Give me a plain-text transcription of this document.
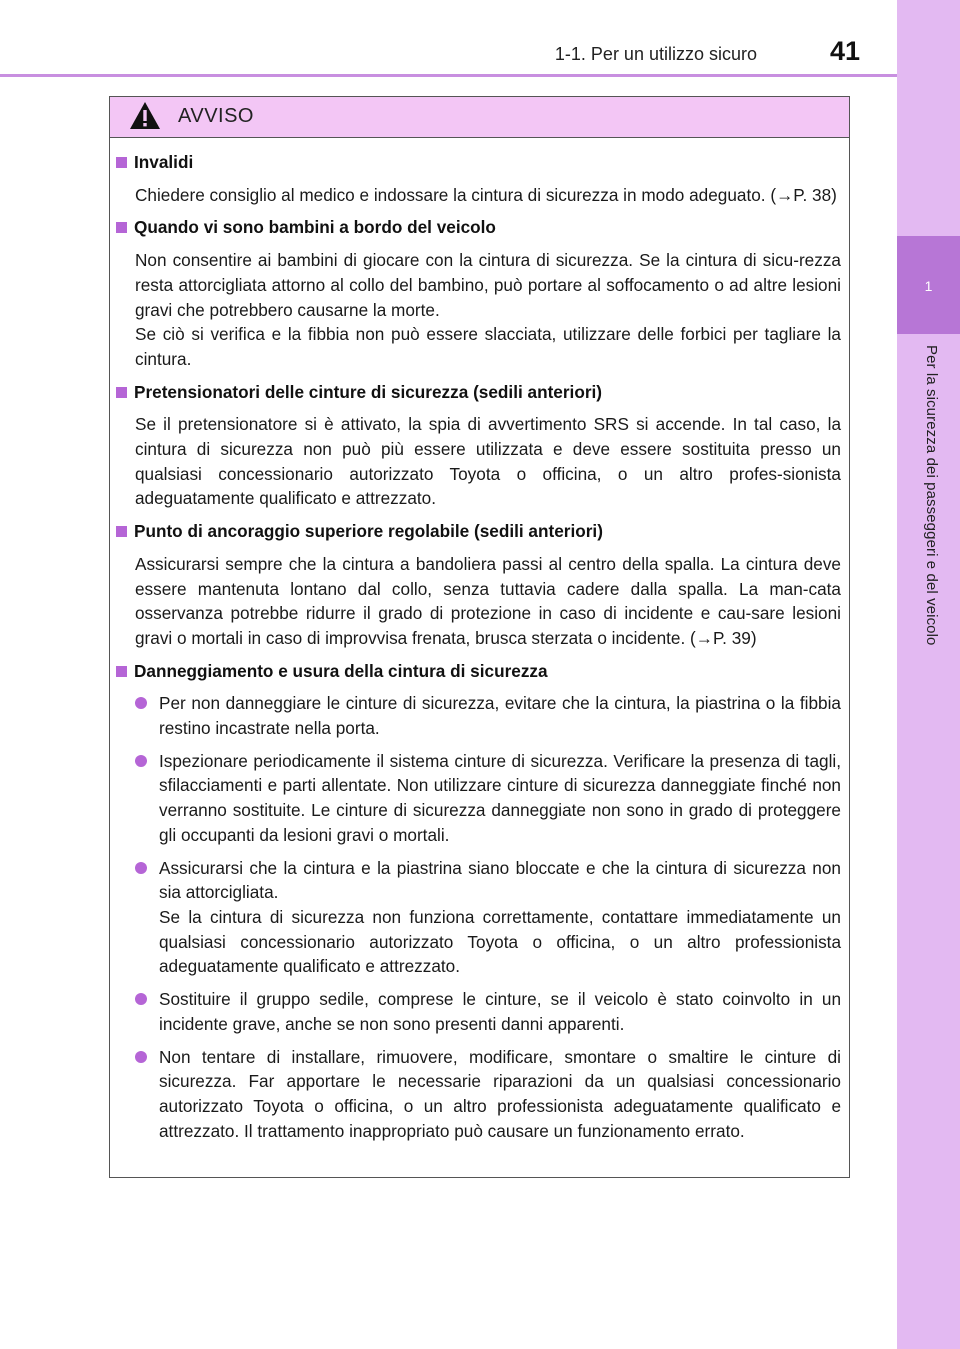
1-1. Per un utilizzo sicuro	41
1
Per la sicurezza dei passeggeri e del veicolo
AVVISO
Invalidi

Chiedere consiglio al medico e indossare la cintura di sicurezza in modo adeguato. (→P. 38)

Quando vi sono bambini a bordo del veicolo

Non consentire ai bambini di giocare con la cintura di sicurezza. Se la cintura di sicu-rezza resta attorcigliata attorno al collo del bambino, può portare al soffocamento o ad altre lesioni gravi che potrebbero causarne la morte.

Se ciò si verifica e la fibbia non può essere slacciata, utilizzare delle forbici per tagliare la cintura.

Pretensionatori delle cinture di sicurezza (sedili anteriori)

Se il pretensionatore si è attivato, la spia di avvertimento SRS si accende. In tal caso, la cintura di sicurezza non può più essere utilizzata e deve essere sostituita presso un qualsiasi concessionario autorizzato Toyota o officina, o un altro profes-sionista adeguatamente qualificato e attrezzato.

Punto di ancoraggio superiore regolabile (sedili anteriori)

Assicurarsi sempre che la cintura a bandoliera passi al centro della spalla. La cintura deve essere mantenuta lontano dal collo, senza tuttavia cadere dalla spalla. La man-cata osservanza potrebbe ridurre il grado di protezione in caso di incidente e cau-sare lesioni gravi o mortali in caso di improvvisa frenata, brusca sterzata o incidente. (→P. 39)

Danneggiamento e usura della cintura di sicurezza

Per non danneggiare le cinture di sicurezza, evitare che la cintura, la piastrina o la fibbia restino incastrate nella porta.

Ispezionare periodicamente il sistema cinture di sicurezza. Verificare la presenza di tagli, sfilacciamenti e parti allentate. Non utilizzare cinture di sicurezza danneggiate finché non verranno sostituite. Le cinture di sicurezza danneggiate non sono in grado di proteggere gli occupanti da lesioni gravi o mortali.

Assicurarsi che la cintura e la piastrina siano bloccate e che la cintura di sicurezza non sia attorcigliata.

Se la cintura di sicurezza non funziona correttamente, contattare immediatamente un qualsiasi concessionario autorizzato Toyota o officina, o un altro professionista adeguatamente qualificato e attrezzato.

Sostituire il gruppo sedile, comprese le cinture, se il veicolo è stato coinvolto in un incidente grave, anche se non sono presenti danni apparenti.

Non tentare di installare, rimuovere, modificare, smontare o smaltire le cinture di sicurezza. Far apportare le necessarie riparazioni da un qualsiasi concessionario autorizzato Toyota o officina, o un altro professionista adeguatamente qualificato e attrezzato. Il trattamento inappropriato può causare un funzionamento errato.
